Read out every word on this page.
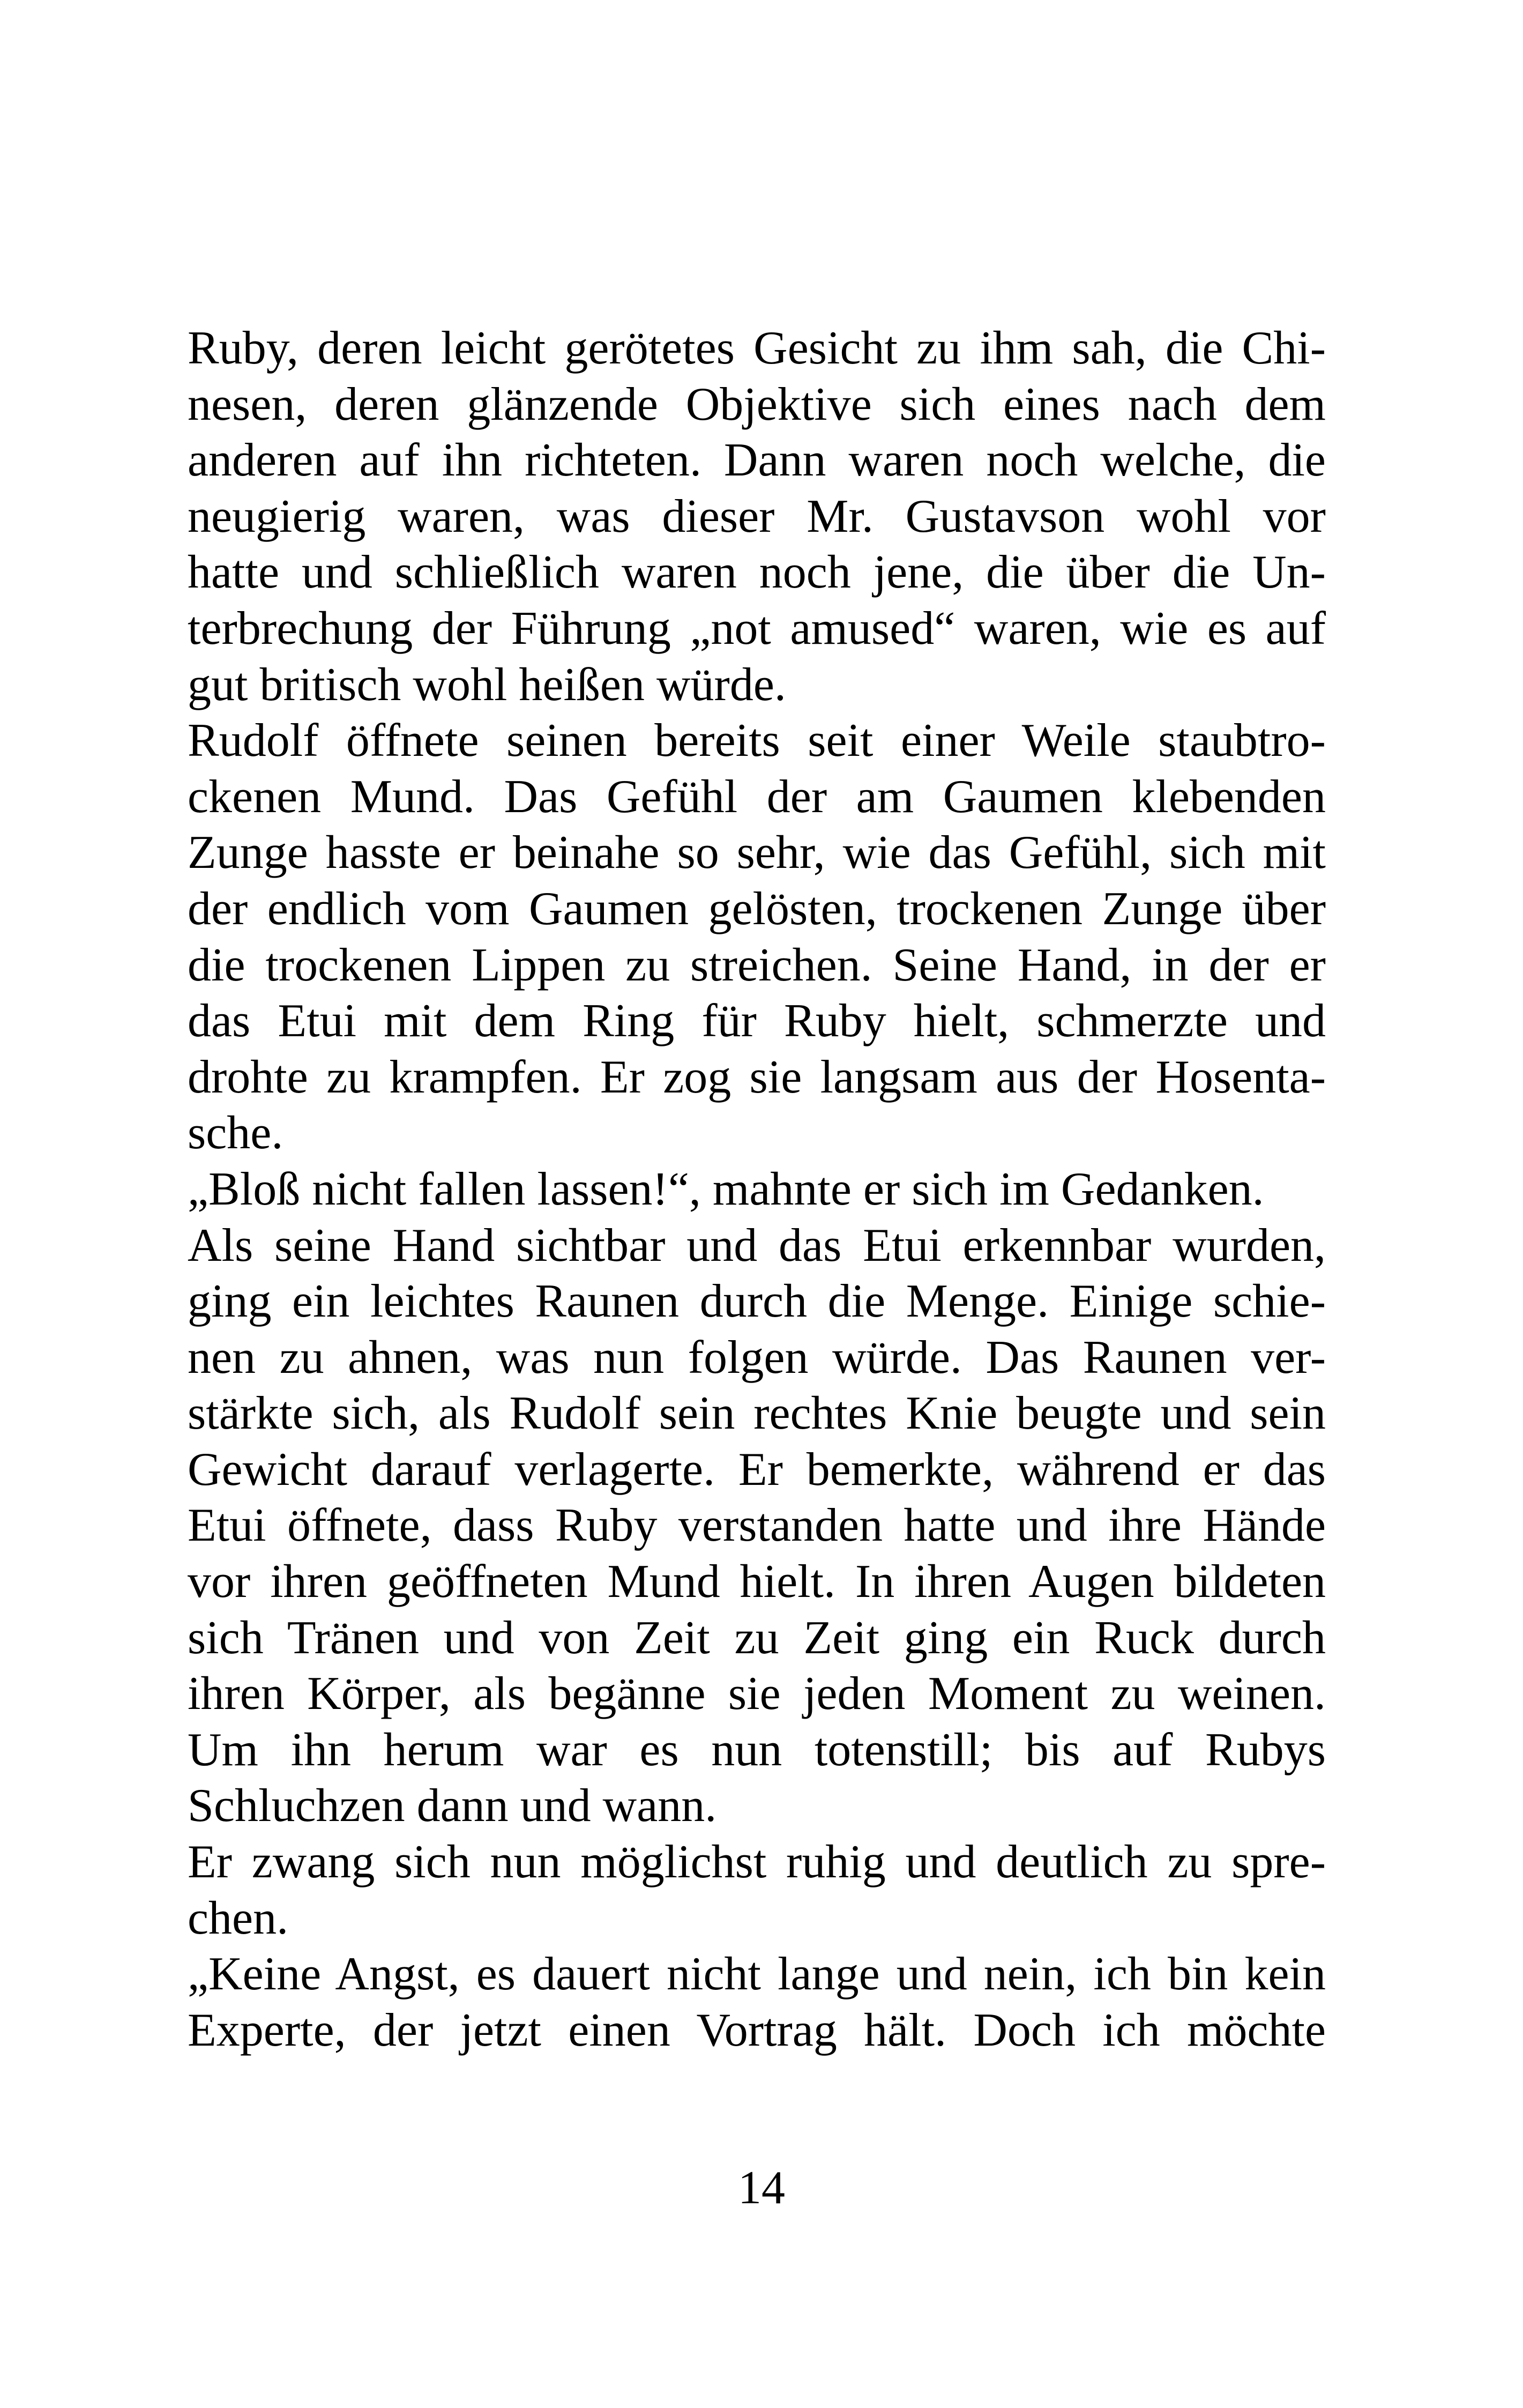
Ruby, deren leicht gerötetes Gesicht zu ihm sah, die Chi-
nesen, deren glänzende Objektive sich eines nach dem
anderen auf ihn richteten. Dann waren noch welche, die
neugierig waren, was dieser Mr. Gustavson wohl vor
hatte und schließlich waren noch jene, die über die Un-
terbrechung der Führung „not amused“ waren, wie es auf
gut britisch wohl heißen würde.
Rudolf öffnete seinen bereits seit einer Weile staubtro-
ckenen Mund. Das Gefühl der am Gaumen klebenden
Zunge hasste er beinahe so sehr, wie das Gefühl, sich mit
der endlich vom Gaumen gelösten, trockenen Zunge über
die trockenen Lippen zu streichen. Seine Hand, in der er
das Etui mit dem Ring für Ruby hielt, schmerzte und
drohte zu krampfen. Er zog sie langsam aus der Hosenta-
sche.
„Bloß nicht fallen lassen!“, mahnte er sich im Gedanken.
Als seine Hand sichtbar und das Etui erkennbar wurden,
ging ein leichtes Raunen durch die Menge. Einige schie-
nen zu ahnen, was nun folgen würde. Das Raunen ver-
stärkte sich, als Rudolf sein rechtes Knie beugte und sein
Gewicht darauf verlagerte. Er bemerkte, während er das
Etui öffnete, dass Ruby verstanden hatte und ihre Hände
vor ihren geöffneten Mund hielt. In ihren Augen bildeten
sich Tränen und von Zeit zu Zeit ging ein Ruck durch
ihren Körper, als begänne sie jeden Moment zu weinen.
Um ihn herum war es nun totenstill; bis auf Rubys
Schluchzen dann und wann.
Er zwang sich nun möglichst ruhig und deutlich zu spre-
chen.
„Keine Angst, es dauert nicht lange und nein, ich bin kein
Experte, der jetzt einen Vortrag hält. Doch ich möchte
14
